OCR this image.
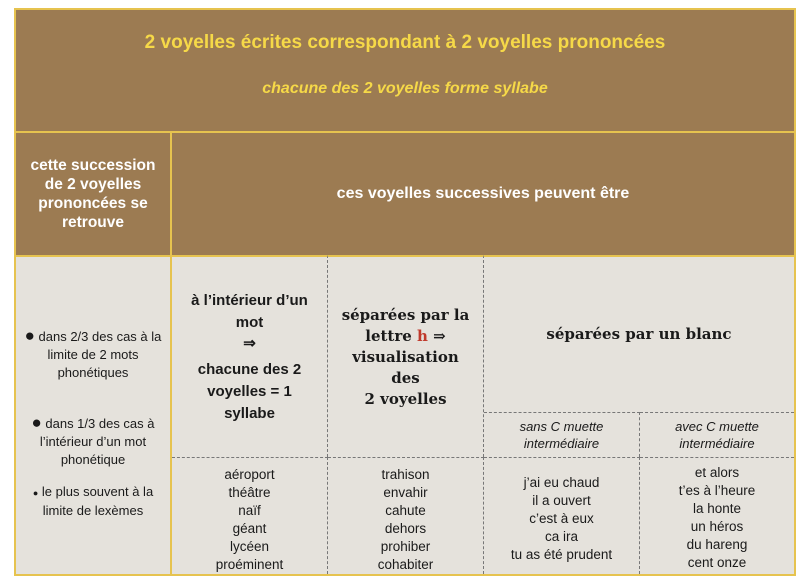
2 voyelles écrites correspondant à 2 voyelles prononcées
chacune des 2 voyelles forme syllabe
cette succession de 2 voyelles prononcées se retrouve
ces voyelles successives peuvent être
● dans 2/3 des cas à la limite de 2 mots phonétiques
● dans 1/3 des cas à l’intérieur d’un mot phonétique
● le plus souvent à la limite de lexèmes
à l’intérieur d’un mot
⇒
chacune des 2 voyelles = 1 syllabe
aéroport
théâtre
naïf
géant
lycéen
proéminent
séparées par la lettre h ⇒
visualisation des
2 voyelles
trahison
envahir
cahute
dehors
prohiber
cohabiter
séparées par un blanc
sans C muette intermédiaire
avec C muette intermédiaire
j’ai eu chaud
il a ouvert
c’est à eux
ca ira
tu as été prudent
et alors
t’es à l’heure
la honte
un héros
du hareng
cent onze
